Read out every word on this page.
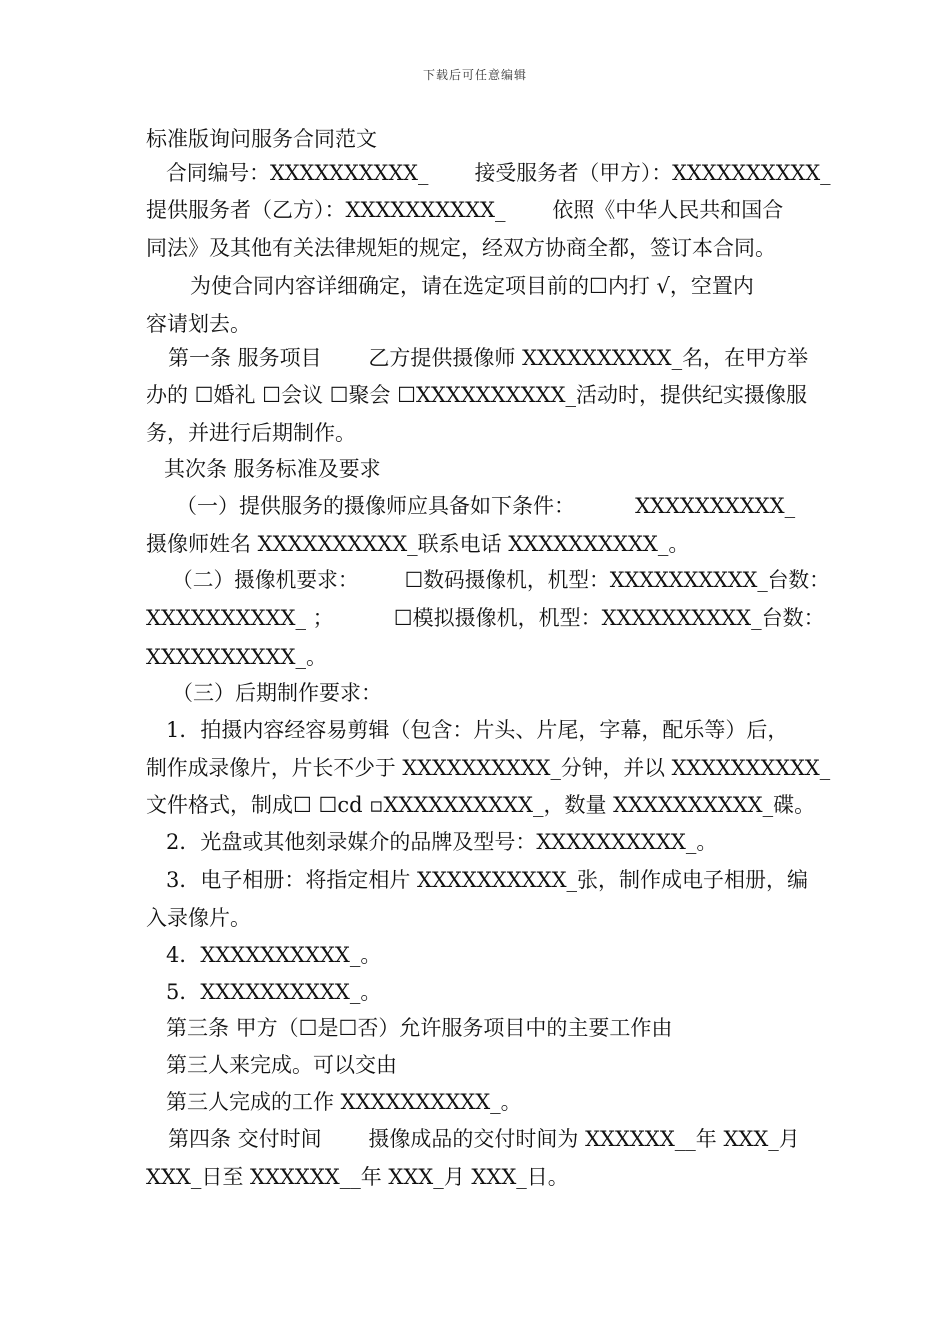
下载后可任意编辑
标准版询问服务合同范文
合同编号：XXXXXXXXXX_       接受服务者（甲方）：XXXXXXXXXX_
提供服务者（乙方）：XXXXXXXXXX_       依照《中华人民共和国合
同法》及其他有关法律规矩的规定，经双方协商全都，签订本合同。
为使合同内容详细确定，请在选定项目前的☐内打 √，空置内
容请划去。
第一条 服务项目       乙方提供摄像师 XXXXXXXXXX_名，在甲方举
办的 ☐婚礼 ☐会议 ☐聚会 ☐XXXXXXXXXX_活动时，提供纪实摄像服
务，并进行后期制作。
其次条 服务标准及要求
（一）提供服务的摄像师应具备如下条件：         XXXXXXXXXX_
摄像师姓名 XXXXXXXXXX_联系电话 XXXXXXXXXX_。
（二）摄像机要求：       ☐数码摄像机，机型：XXXXXXXXXX_台数：
XXXXXXXXXX_ ；         ☐模拟摄像机，机型：XXXXXXXXXX_台数：
XXXXXXXXXX_。
（三）后期制作要求：
1．拍摄内容经容易剪辑（包含：片头、片尾，字幕，配乐等）后，
制作成录像片，片长不少于 XXXXXXXXXX_分钟，并以 XXXXXXXXXX_
文件格式，制成☐ ☐cd ▫XXXXXXXXXX_，数量 XXXXXXXXXX_碟。
2．光盘或其他刻录媒介的品牌及型号：XXXXXXXXXX_。
3．电子相册：将指定相片 XXXXXXXXXX_张，制作成电子相册，编
入录像片。
4．XXXXXXXXXX_。
5．XXXXXXXXXX_。
第三条 甲方（☐是☐否）允许服务项目中的主要工作由
第三人来完成。可以交由
第三人完成的工作 XXXXXXXXXX_。
第四条 交付时间       摄像成品的交付时间为 XXXXXX__年 XXX_月
XXX_日至 XXXXXX__年 XXX_月 XXX_日。
